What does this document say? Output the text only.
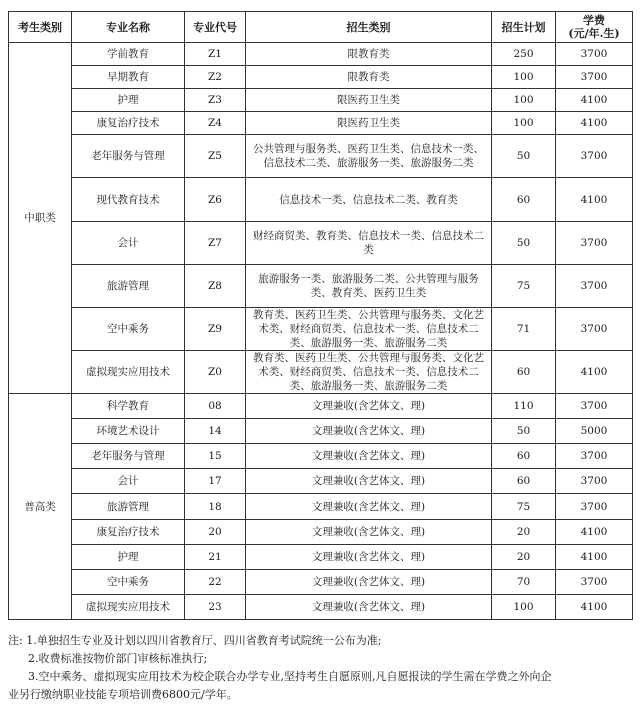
考生类别	专业名称	专业代号	招生类别	招生计划	学费
(元/年.生)
中职类	学前教育	Z1	限教育类	250	3700
	早期教育	Z2	限教育类	100	3700
	护理	Z3	限医药卫生类	100	4100
	康复治疗技术	Z4	限医药卫生类	100	4100
	老年服务与管理	Z5	公共管理与服务类、医药卫生类、信息技术一类、信息技术二类、旅游服务一类、旅游服务二类	50	3700
	现代教育技术	Z6	信息技术一类、信息技术二类、教育类	60	4100
	会计	Z7	财经商贸类、教育类、信息技术一类、信息技术二类	50	3700
	旅游管理	Z8	旅游服务一类、旅游服务二类、公共管理与服务类、教育类、医药卫生类	75	3700
	空中乘务	Z9	教育类、医药卫生类、公共管理与服务类、文化艺术类、财经商贸类、信息技术一类、信息技术二类、旅游服务一类、旅游服务二类	71	3700
	虚拟现实应用技术	Z0	教育类、医药卫生类、公共管理与服务类、文化艺术类、财经商贸类、信息技术一类、信息技术二类、旅游服务一类、旅游服务二类	60	4100
普高类	科学教育	08	文理兼收(含艺体文、理)	110	3700
	环境艺术设计	14	文理兼收(含艺体文、理)	50	5000
	老年服务与管理	15	文理兼收(含艺体文、理)	60	3700
	会计	17	文理兼收(含艺体文、理)	60	3700
	旅游管理	18	文理兼收(含艺体文、理)	75	3700
	康复治疗技术	20	文理兼收(含艺体文、理)	20	4100
	护理	21	文理兼收(含艺体文、理)	20	4100
	空中乘务	22	文理兼收(含艺体文、理)	70	3700
	虚拟现实应用技术	23	文理兼收(含艺体文、理)	100	4100
注: 1.单独招生专业及计划以四川省教育厅、四川省教育考试院统一公布为准;
2.收费标准按物价部门审核标准执行;
3.空中乘务、虚拟现实应用技术为校企联合办学专业,坚持考生自愿原则,凡自愿报读的学生需在学费之外向企
业另行缴纳职业技能专项培训费6800元/学年。
